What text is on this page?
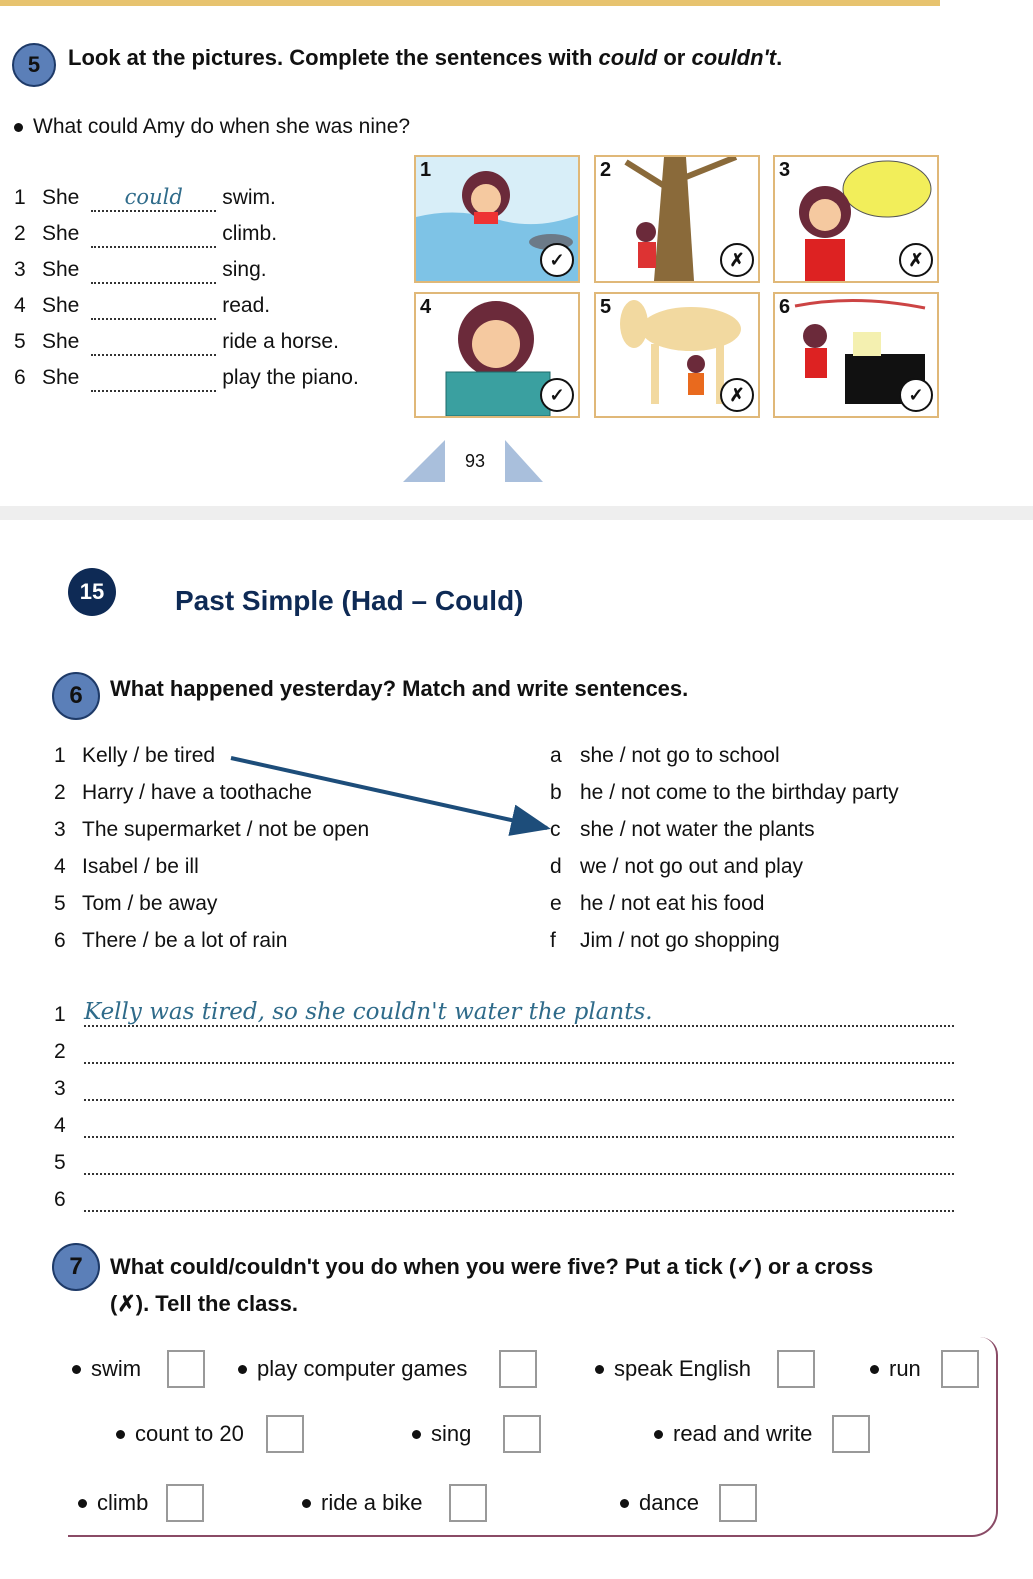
5 Look at the pictures. Complete the sentences with could or couldn't.
What could Amy do when she was nine?
1 She could swim.
2 She	climb.
3 She	sing.
4 She	read.
5 She	ride a horse.
6 She	play the piano.
1
✓
2
✗
3
✗
4
✓
5
✗
6
✓
93
15	Past Simple (Had – Could)
6 What happened yesterday? Match and write sentences.
1 Kelly / be tired
2 Harry / have a toothache
3 The supermarket / not be open
4 Isabel / be ill
5 Tom / be away
6 There / be a lot of rain
a she / not go to school
b he / not come to the birthday party
c she / not water the plants
d we / not go out and play
e he / not eat his food
f Jim / not go shopping
1 Kelly was tired, so she couldn't water the plants.
2

3

4

5

6

7 What could/couldn't you do when you were five? Put a tick (✓) or a cross
(✗). Tell the class.
swim	play computer games	speak English	run
count to 20	sing	read and write
climb	ride a bike	dance
